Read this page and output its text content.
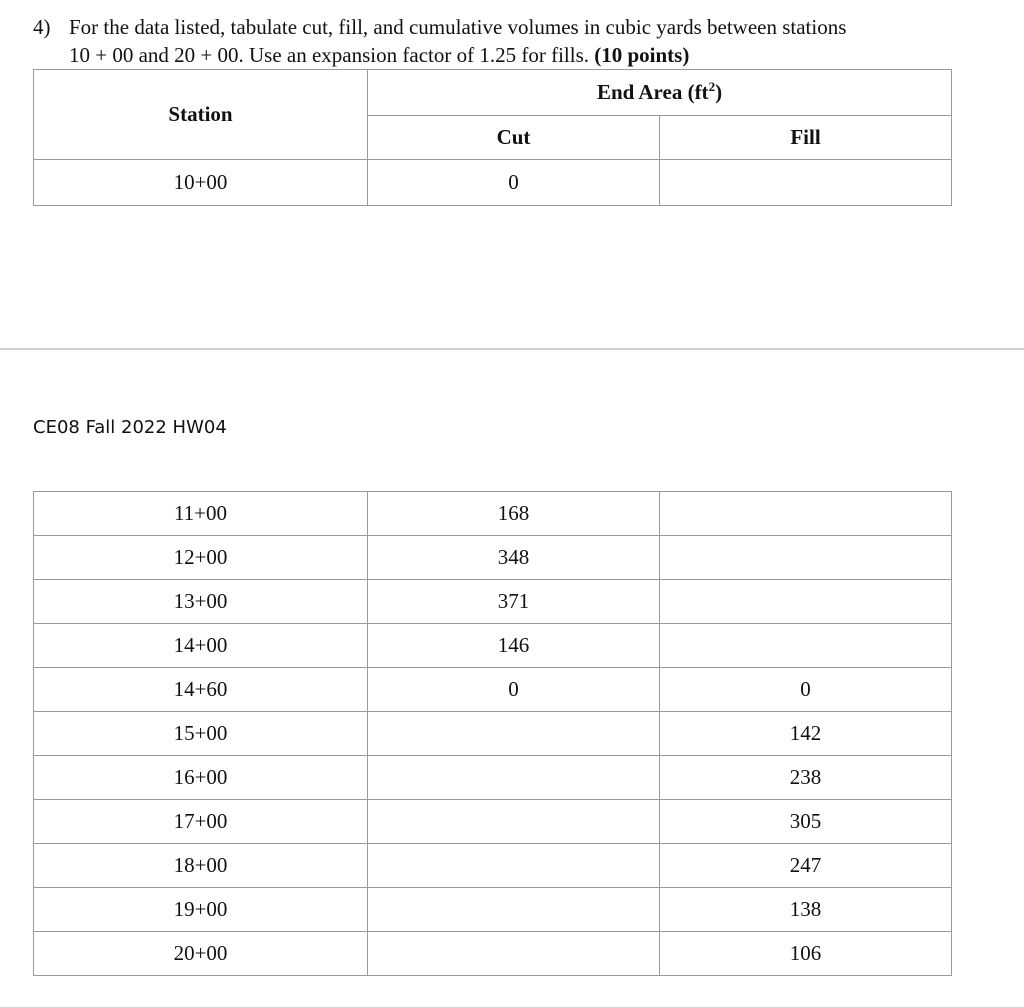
4) For the data listed, tabulate cut, fill, and cumulative volumes in cubic yards between stations
10 + 00 and 20 + 00. Use an expansion factor of 1.25 for fills. (10 points)
Station	End Area $(ft^2)$	
	Cut	Fill
10+00	0	
CE08 Fall 2022 HW04
11+00	168	
12+00	348	
13+00	371	
14+00	146	
14+60	0	0
15+00		142
16+00		238
17+00		305
18+00		247
19+00		138
20+00		106
